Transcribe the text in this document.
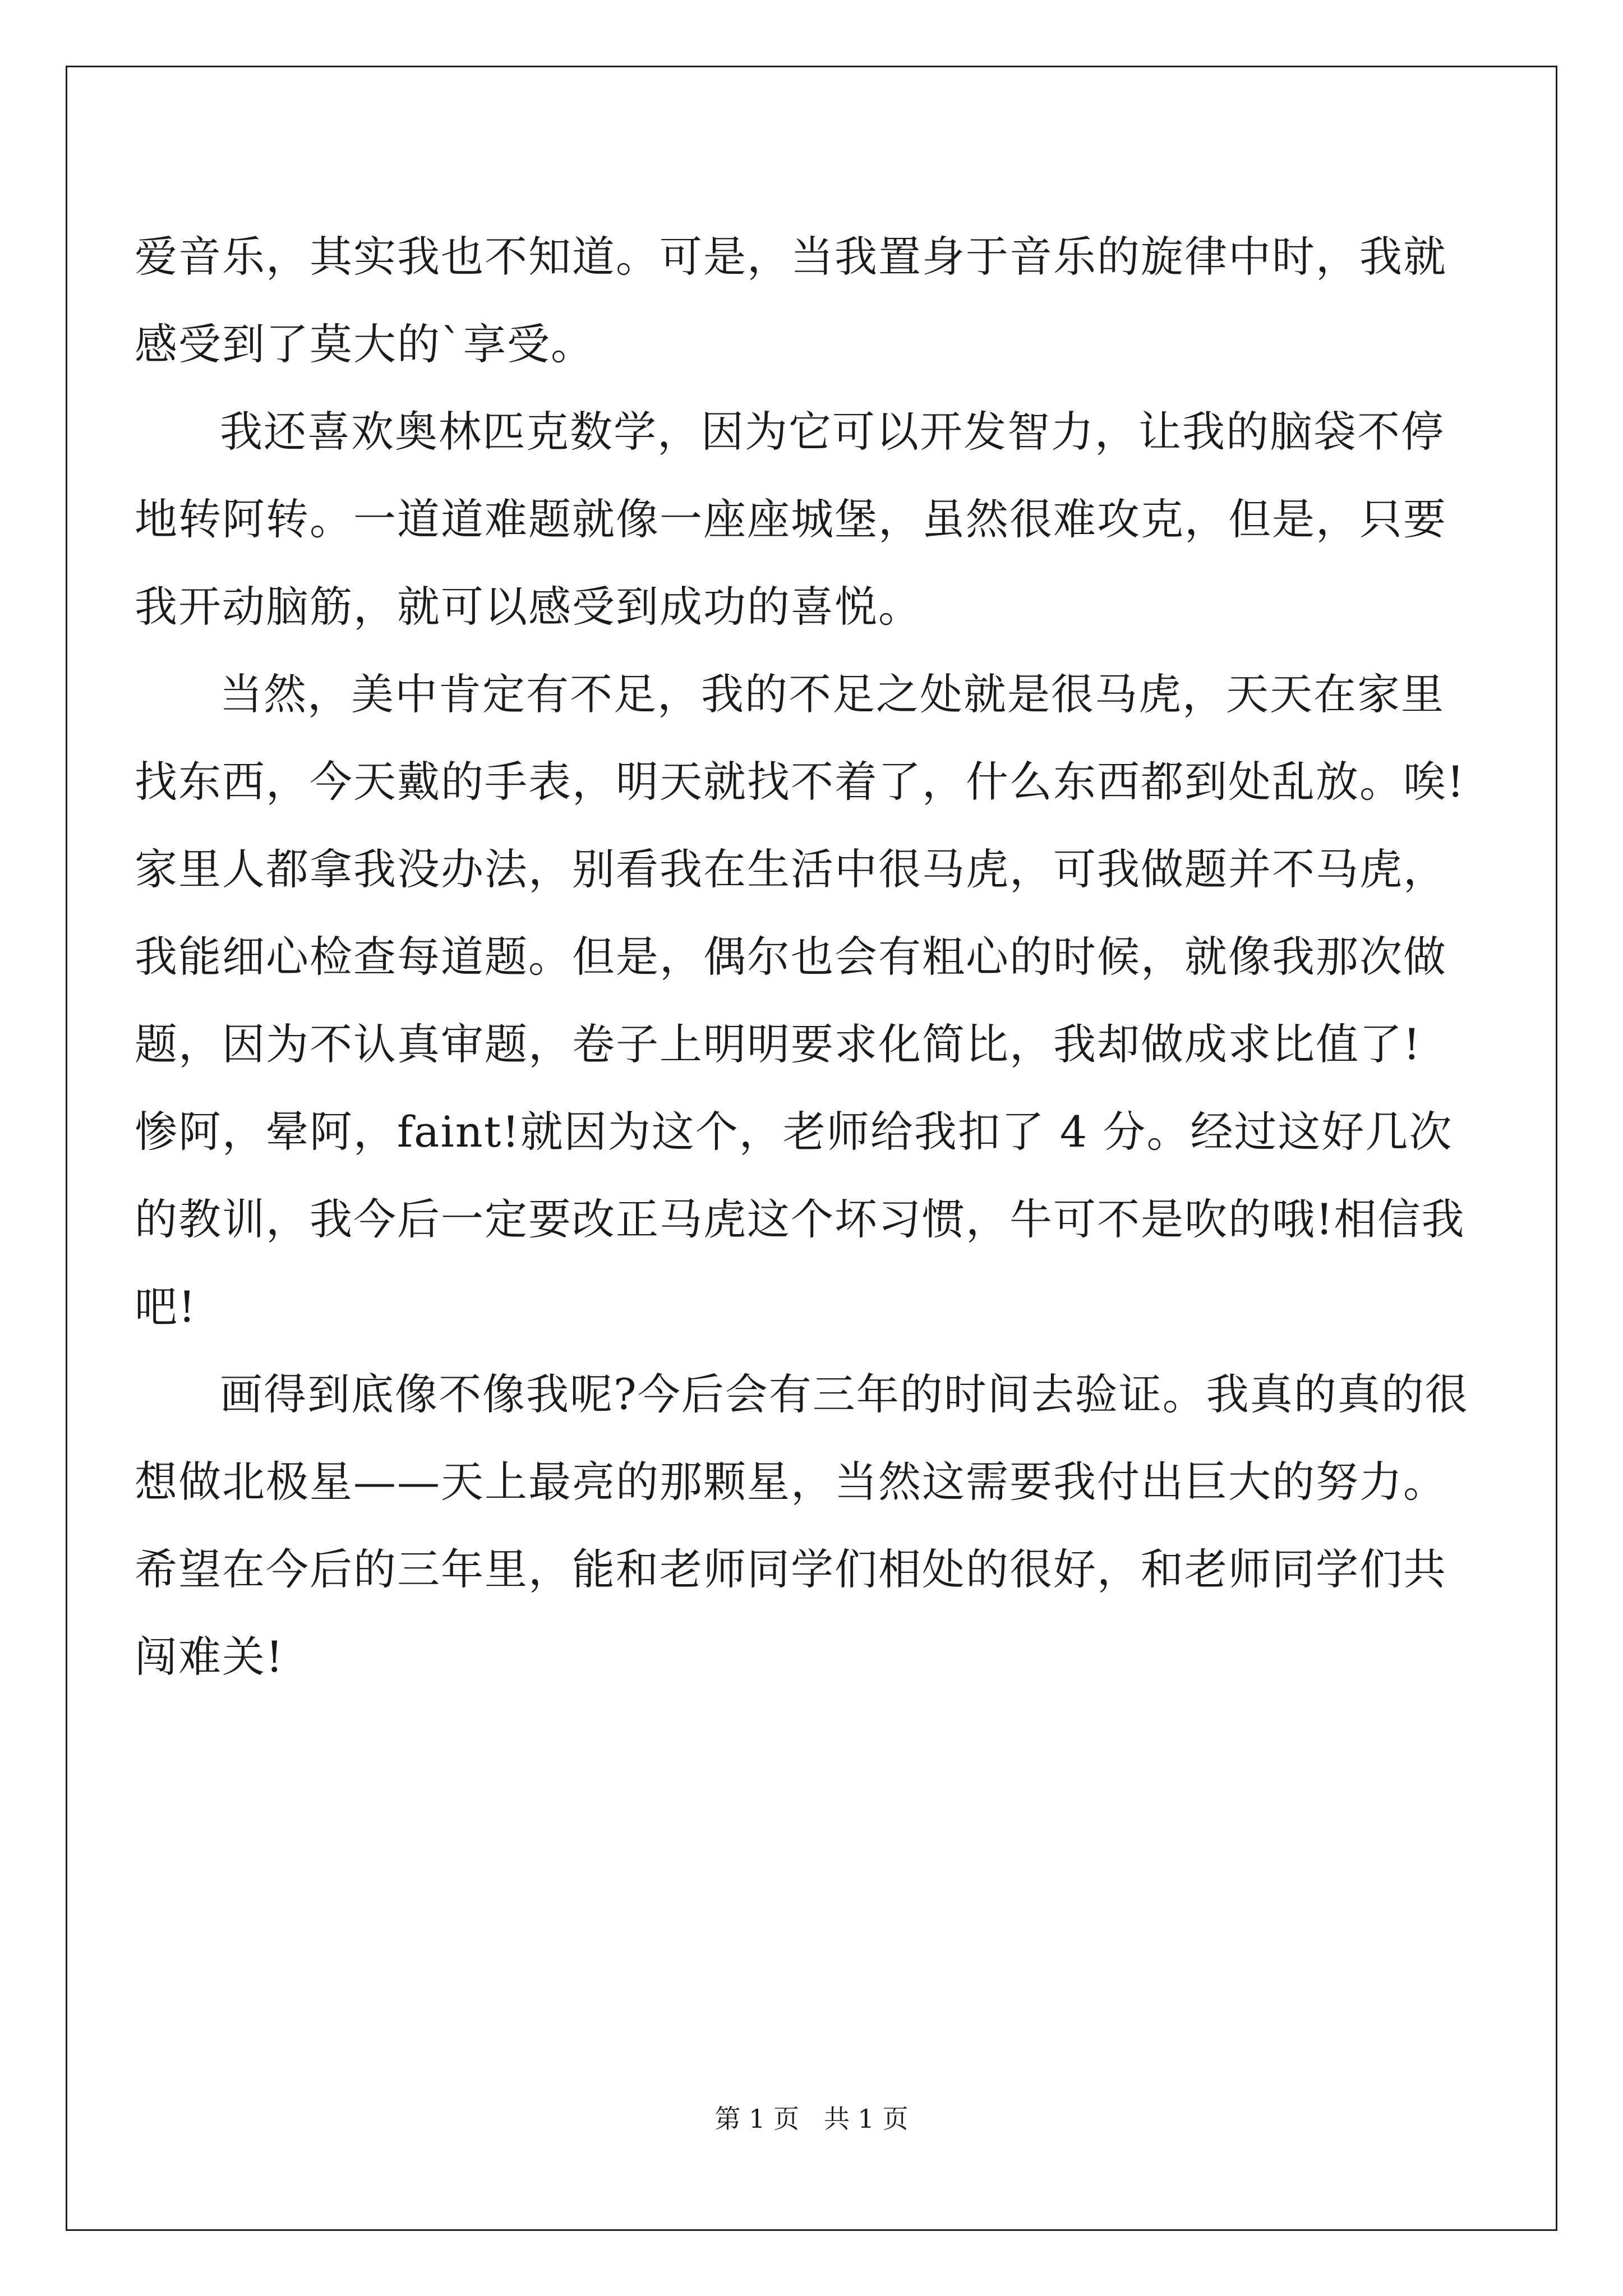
爱音乐，其实我也不知道。可是，当我置身于音乐的旋律中时，我就
感受到了莫大的`享受。
我还喜欢奥林匹克数学，因为它可以开发智力，让我的脑袋不停
地转阿转。一道道难题就像一座座城堡，虽然很难攻克，但是，只要
我开动脑筋，就可以感受到成功的喜悦。
当然，美中肯定有不足，我的不足之处就是很马虎，天天在家里
找东西，今天戴的手表，明天就找不着了，什么东西都到处乱放。唉!
家里人都拿我没办法，别看我在生活中很马虎，可我做题并不马虎，
我能细心检查每道题。但是，偶尔也会有粗心的时候，就像我那次做
题，因为不认真审题，卷子上明明要求化简比，我却做成求比值了!
惨阿，晕阿，faint!就因为这个，老师给我扣了 4 分。经过这好几次
的教训，我今后一定要改正马虎这个坏习惯，牛可不是吹的哦!相信我
吧!
画得到底像不像我呢?今后会有三年的时间去验证。我真的真的很
想做北极星——天上最亮的那颗星，当然这需要我付出巨大的努力。
希望在今后的三年里，能和老师同学们相处的很好，和老师同学们共
闯难关!
第 1 页 共 1 页
